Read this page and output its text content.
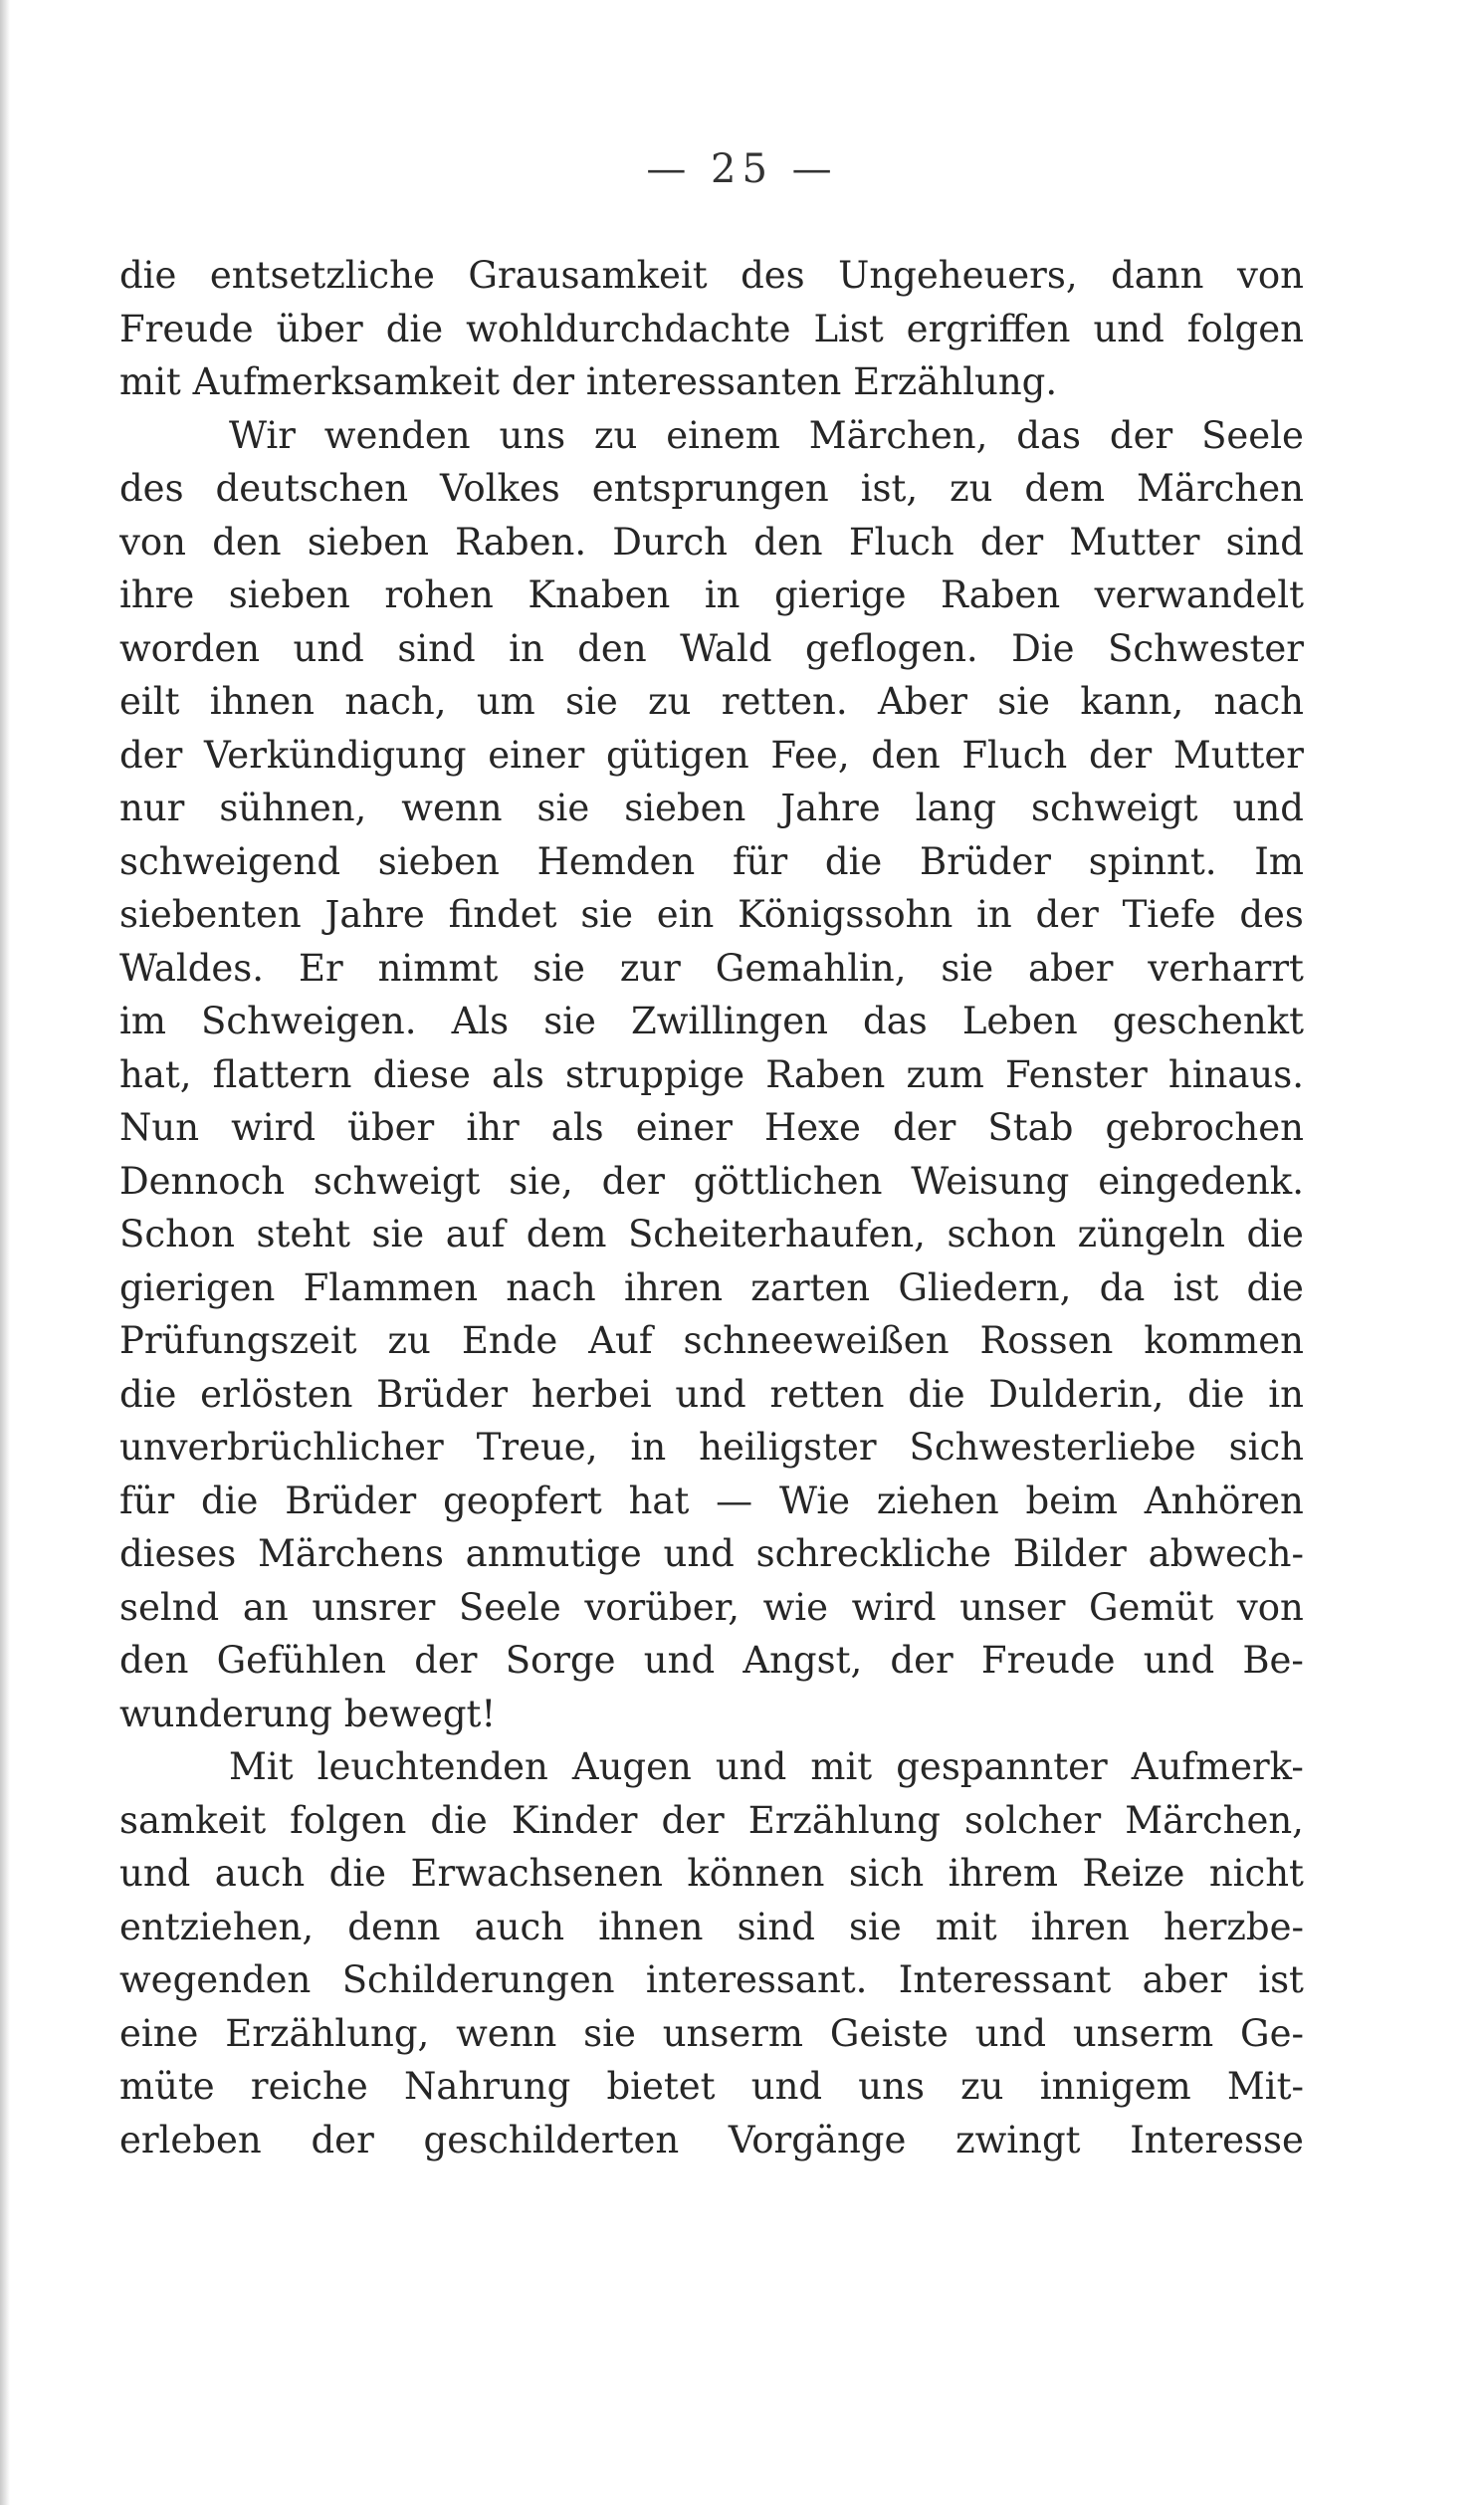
— 25 —
die entsetzliche Grausamkeit des Ungeheuers, dann von
Freude über die wohldurchdachte List ergriffen und folgen
mit
Aufmerksamkeit
der
interessanten
Erzählung.
Wir wenden uns zu einem Märchen, das der Seele
des deutschen Volkes entsprungen ist, zu dem Märchen
von den sieben Raben. Durch den Fluch der Mutter sind
ihre sieben rohen Knaben in gierige Raben verwandelt
worden und sind in den Wald geflogen. Die Schwester
eilt ihnen nach, um sie zu retten. Aber sie kann, nach
der Verkündigung einer gütigen Fee, den Fluch der Mutter
nur sühnen, wenn sie sieben Jahre lang schweigt und
schweigend sieben Hemden für die Brüder spinnt. Im
siebenten Jahre findet sie ein Königssohn in der Tiefe des
Waldes. Er nimmt sie zur Gemahlin, sie aber verharrt
im Schweigen. Als sie Zwillingen das Leben geschenkt
hat, flattern diese als struppige Raben zum Fenster hinaus.
Nun wird über ihr als einer Hexe der Stab gebrochen
Dennoch schweigt sie, der göttlichen Weisung eingedenk.
Schon steht sie auf dem Scheiterhaufen, schon züngeln die
gierigen Flammen nach ihren zarten Gliedern, da ist die
Prüfungszeit zu Ende Auf schneeweißen Rossen kommen
die erlösten Brüder herbei und retten die Dulderin, die in
unverbrüchlicher Treue, in heiligster Schwesterliebe sich
für die Brüder geopfert hat — Wie ziehen beim Anhören
dieses Märchens anmutige und schreckliche Bilder abwech-
selnd an unsrer Seele vorüber, wie wird unser Gemüt von
den Gefühlen der Sorge und Angst, der Freude und Be-
wunderung
bewegt!
Mit leuchtenden Augen und mit gespannter Aufmerk-
samkeit folgen die Kinder der Erzählung solcher Märchen,
und auch die Erwachsenen können sich ihrem Reize nicht
entziehen, denn auch ihnen sind sie mit ihren herzbe-
wegenden Schilderungen interessant. Interessant aber ist
eine Erzählung, wenn sie unserm Geiste und unserm Ge-
müte reiche Nahrung bietet und uns zu innigem Mit-
erleben der geschilderten Vorgänge zwingt Interesse
